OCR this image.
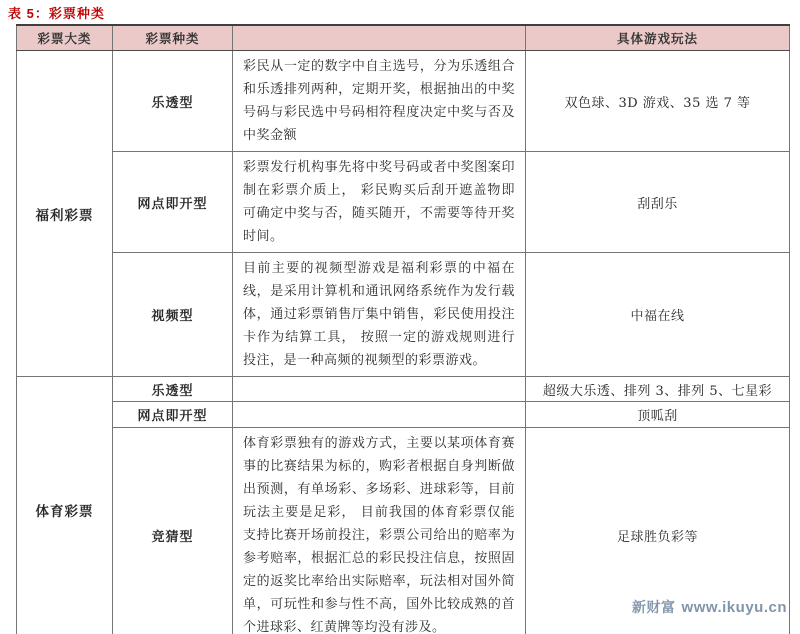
表 5：彩票种类
彩票大类	彩票种类		具体游戏玩法
福利彩票	乐透型	彩民从一定的数字中自主选号，分为乐透组合和乐透排列两种，定期开奖，根据抽出的中奖号码与彩民选中号码相符程度决定中奖与否及中奖金额	双色球、3D 游戏、35 选 7 等
	网点即开型	彩票发行机构事先将中奖号码或者中奖图案印制在彩票介质上， 彩民购买后刮开遮盖物即可确定中奖与否，随买随开，不需要等待开奖时间。	刮刮乐
	视频型	目前主要的视频型游戏是福利彩票的中福在线，是采用计算机和通讯网络系统作为发行载体，通过彩票销售厅集中销售，彩民使用投注卡作为结算工具， 按照一定的游戏规则进行投注，是一种高频的视频型的彩票游戏。	中福在线
体育彩票	乐透型		超级大乐透、排列 3、排列 5、七星彩
	网点即开型		顶呱刮
	竞猜型	体育彩票独有的游戏方式，主要以某项体育赛事的比赛结果为标的，购彩者根据自身判断做出预测，有单场彩、多场彩、进球彩等，目前玩法主要是足彩， 目前我国的体育彩票仅能支持比赛开场前投注，彩票公司给出的赔率为参考赔率，根据汇总的彩民投注信息，按照固定的返奖比率给出实际赔率，玩法相对国外简单，可玩性和参与性不高，国外比较成熟的首个进球彩、红黄牌等均没有涉及。	足球胜负彩等
新财富 www.ikuyu.cn
